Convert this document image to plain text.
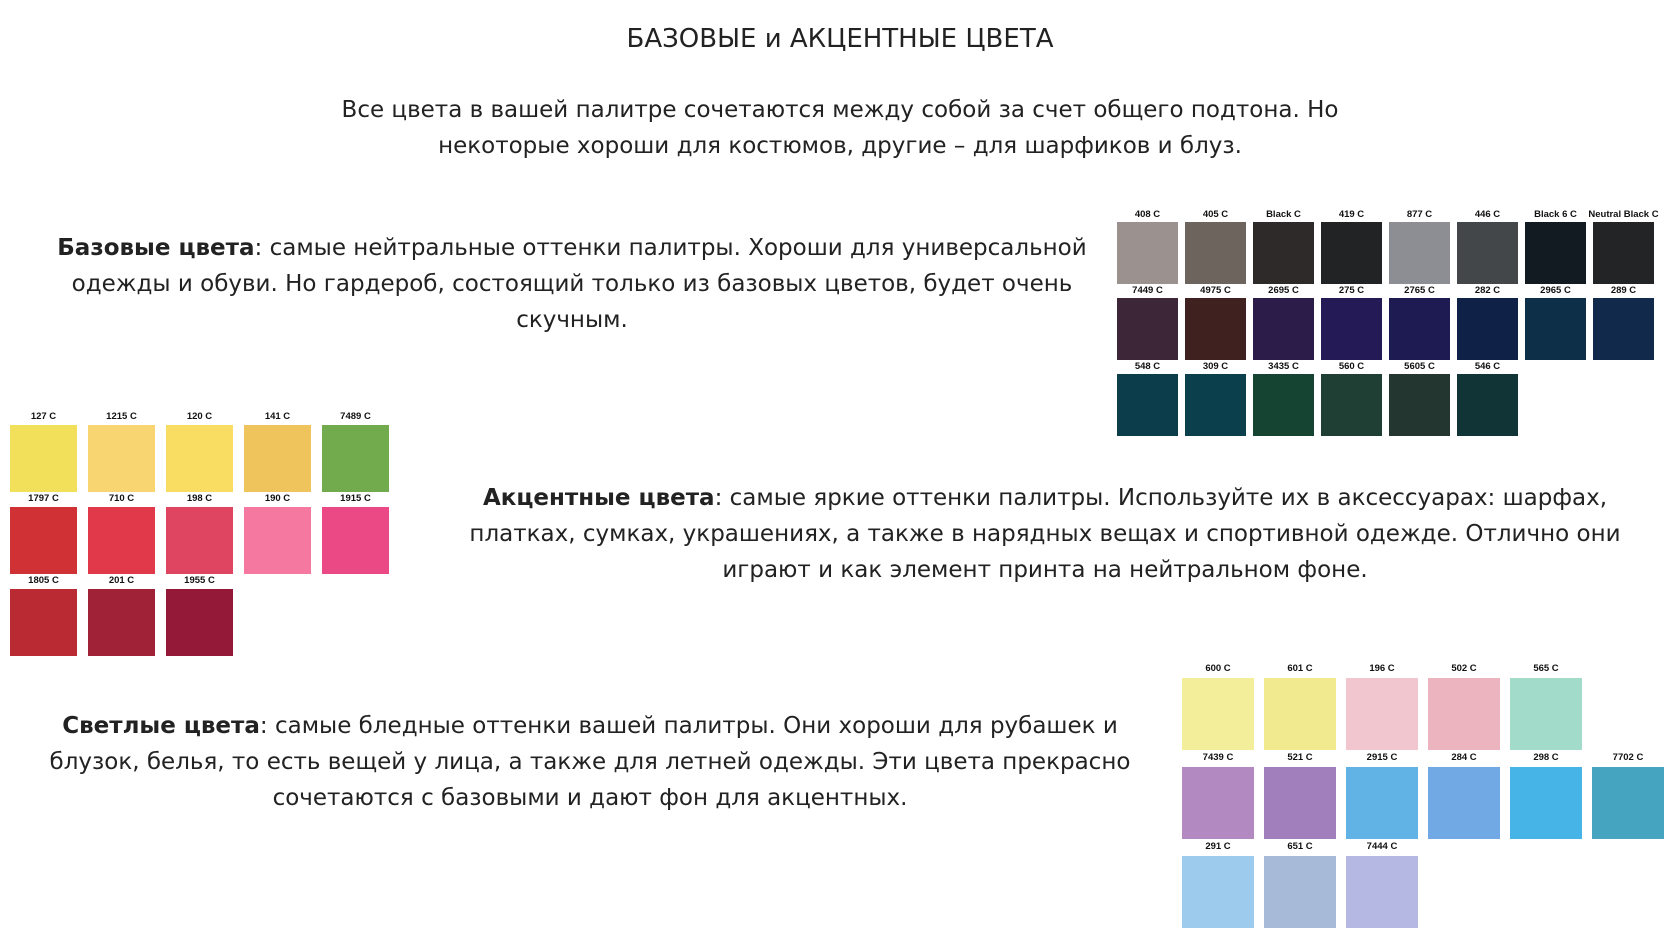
БАЗОВЫЕ и АКЦЕНТНЫЕ ЦВЕТА
Все цвета в вашей палитре сочетаются между собой за счет общего подтона. Но
некоторые хороши для костюмов, другие – для шарфиков и блуз.
Базовые цвета: самые нейтральные оттенки палитры. Хороши для универсальной одежды и обуви. Но гардероб, состоящий только из базовых цветов, будет очень скучным.
Акцентные цвета: самые яркие оттенки палитры. Используйте их в аксессуарах: шарфах, платках, сумках, украшениях, а также в нарядных вещах и спортивной одежде. Отлично они играют и как элемент принта на нейтральном фоне.
Светлые цвета: самые бледные оттенки вашей палитры. Они хороши для рубашек и блузок, белья, то есть вещей у лица, а также для летней одежды. Эти цвета прекрасно сочетаются с базовыми и дают фон для акцентных.
408 C	405 C	Black C	419 C	877 C	446 C	Black 6 C	Neutral Black C
7449 C	4975 C	2695 C	275 C	2765 C	282 C	2965 C	289 C
548 C	309 C	3435 C	560 C	5605 C	546 C
127 C	1215 C	120 C	141 C	7489 C
1797 C	710 C	198 C	190 C	1915 C
1805 C	201 C	1955 C
600 C	601 C	196 C	502 C	565 C
7439 C	521 C	2915 C	284 C	298 C	7702 C
291 C	651 C	7444 C
